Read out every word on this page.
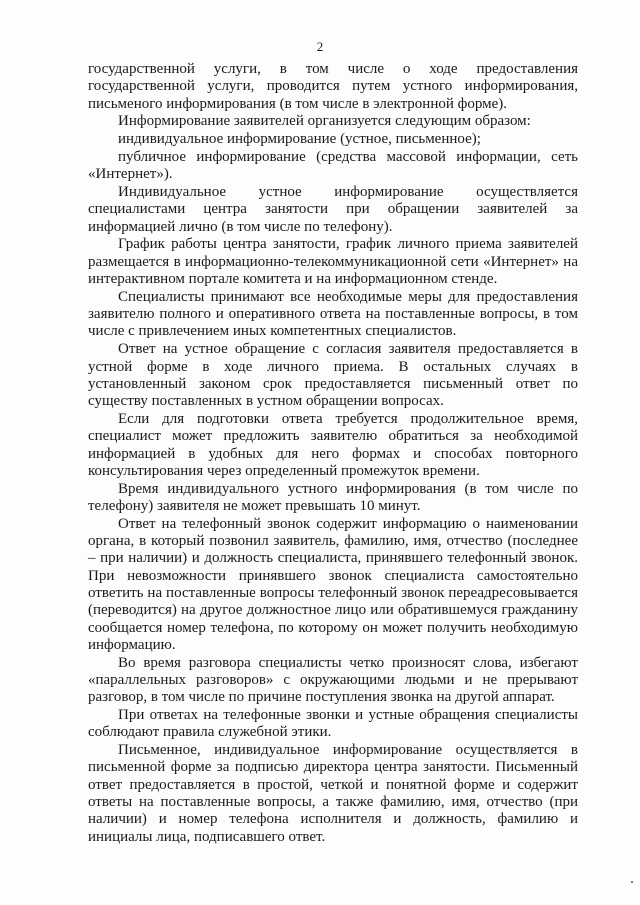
2

государственной услуги, в том числе о ходе предоставления государственной услуги, проводится путем устного информирования, письменого информирования (в том числе в электронной форме).

Информирование заявителей организуется следующим образом:

индивидуальное информирование (устное, письменное);

публичное информирование (средства массовой информации, сеть «Интернет»).

Индивидуальное устное информирование осуществляется специалистами центра занятости при обращении заявителей за информацией лично (в том числе по телефону).

График работы центра занятости, график личного приема заявителей размещается в информационно-телекоммуникационной сети «Интернет» на интерактивном портале комитета и на информационном стенде.

Специалисты принимают все необходимые меры для предоставления заявителю полного и оперативного ответа на поставленные вопросы, в том числе с привлечением иных компетентных специалистов.

Ответ на устное обращение с согласия заявителя предоставляется в устной форме в ходе личного приема. В остальных случаях в установленный законом срок предоставляется письменный ответ по существу поставленных в устном обращении вопросах.

Если для подготовки ответа требуется продолжительное время, специалист может предложить заявителю обратиться за необходимой информацией в удобных для него формах и способах повторного консультирования через определенный промежуток времени.

Время индивидуального устного информирования (в том числе по телефону) заявителя не может превышать 10 минут.

Ответ на телефонный звонок содержит информацию о наименовании органа, в который позвонил заявитель, фамилию, имя, отчество (последнее – при наличии) и должность специалиста, принявшего телефонный звонок. При невозможности принявшего звонок специалиста самостоятельно ответить на поставленные вопросы телефонный звонок переадресовывается (переводится) на другое должностное лицо или обратившемуся гражданину сообщается номер телефона, по которому он может получить необходимую информацию.

Во время разговора специалисты четко произносят слова, избегают «параллельных разговоров» с окружающими людьми и не прерывают разговор, в том числе по причине поступления звонка на другой аппарат.

При ответах на телефонные звонки и устные обращения специалисты соблюдают правила служебной этики.

Письменное, индивидуальное информирование осуществляется в письменной форме за подписью директора центра занятости. Письменный ответ предоставляется в простой, четкой и понятной форме и содержит ответы на поставленные вопросы, а также фамилию, имя, отчество (при наличии) и номер телефона исполнителя и должность, фамилию и инициалы лица, подписавшего ответ.
